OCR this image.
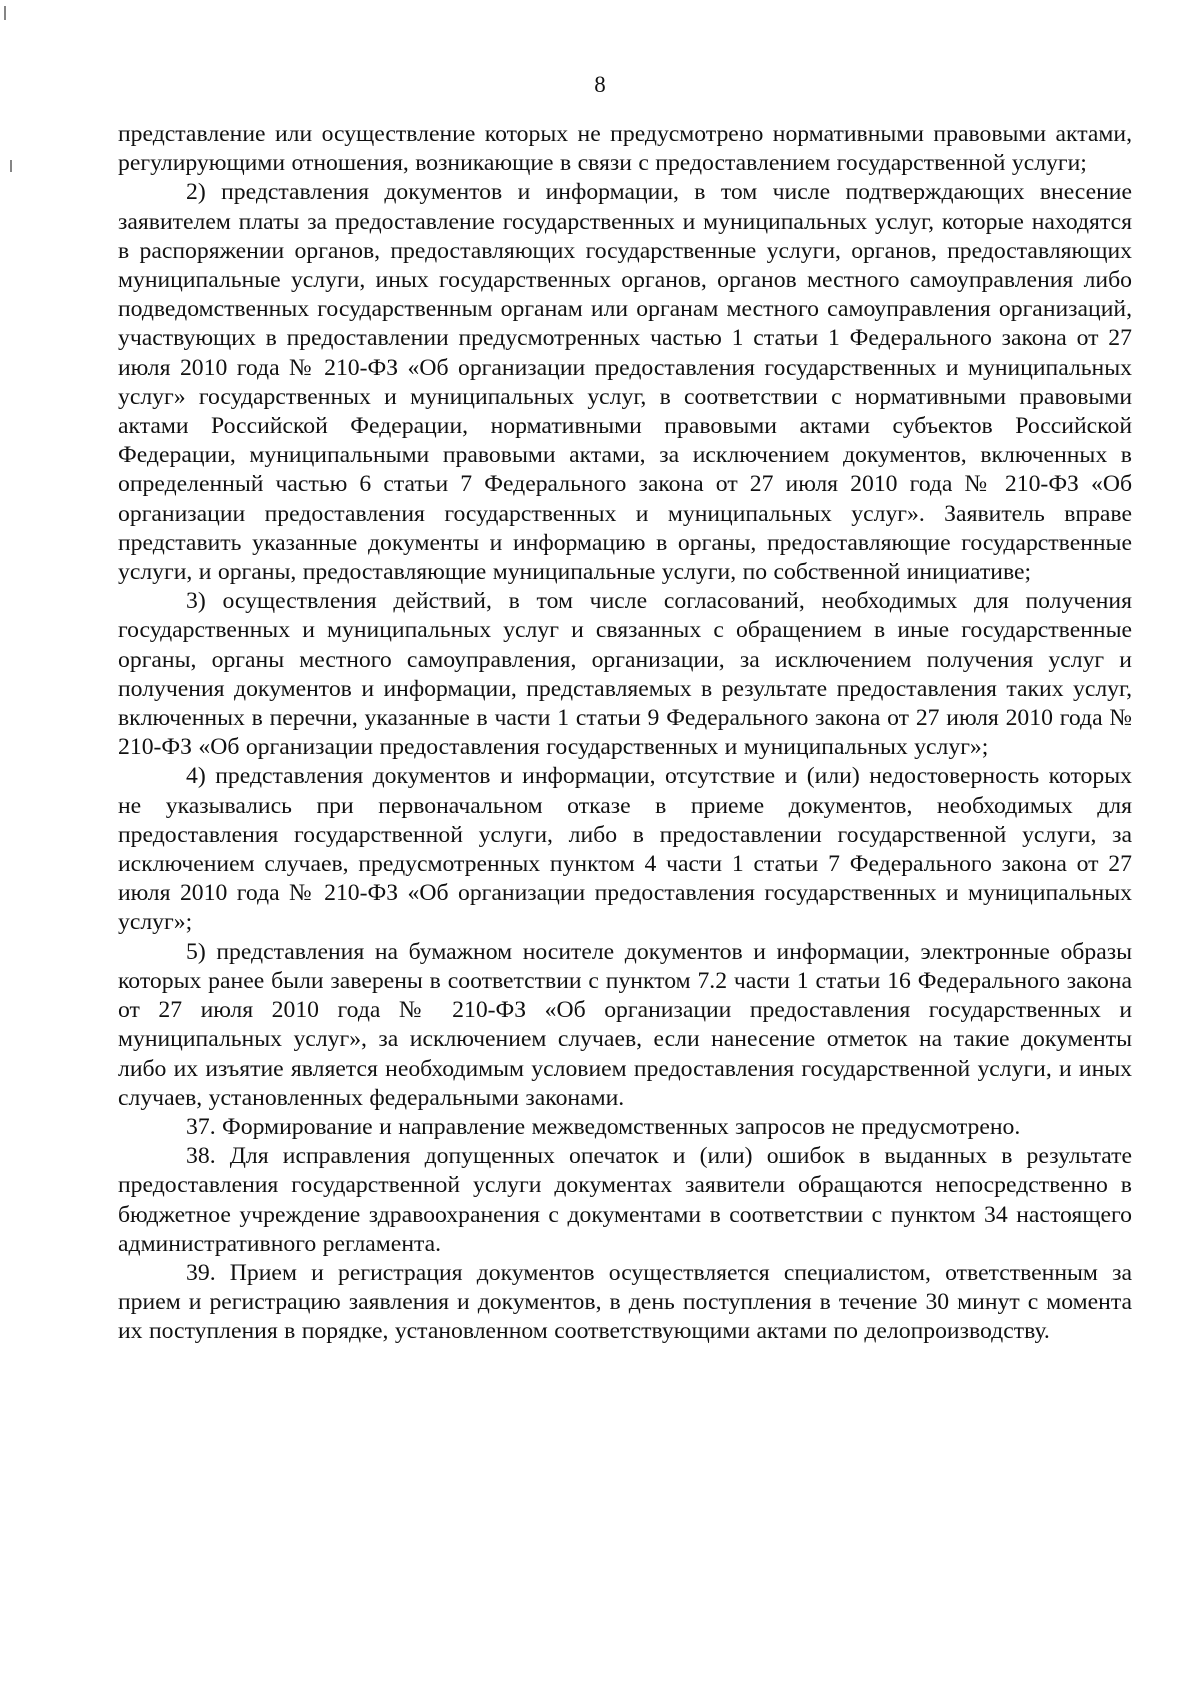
8

представление или осуществление которых не предусмотрено нормативными правовыми актами, регулирующими отношения, возникающие в связи с предоставлением государственной услуги;

2) представления документов и информации, в том числе подтверждающих внесение заявителем платы за предоставление государственных и муниципальных услуг, которые находятся в распоряжении органов, предоставляющих государственные услуги, органов, предоставляющих муниципальные услуги, иных государственных органов, органов местного самоуправления либо подведомственных государственным органам или органам местного самоуправления организаций, участвующих в предоставлении предусмотренных частью 1 статьи 1 Федерального закона от 27 июля 2010 года № 210-ФЗ «Об организации предоставления государственных и муниципальных услуг» государственных и муниципальных услуг, в соответствии с нормативными правовыми актами Российской Федерации, нормативными правовыми актами субъектов Российской Федерации, муниципальными правовыми актами, за исключением документов, включенных в определенный частью 6 статьи 7 Федерального закона от 27 июля 2010 года № 210-ФЗ «Об организации предоставления государственных и муниципальных услуг». Заявитель вправе представить указанные документы и информацию в органы, предоставляющие государственные услуги, и органы, предоставляющие муниципальные услуги, по собственной инициативе;

3) осуществления действий, в том числе согласований, необходимых для получения государственных и муниципальных услуг и связанных с обращением в иные государственные органы, органы местного самоуправления, организации, за исключением получения услуг и получения документов и информации, представляемых в результате предоставления таких услуг, включенных в перечни, указанные в части 1 статьи 9 Федерального закона от 27 июля 2010 года № 210-ФЗ «Об организации предоставления государственных и муниципальных услуг»;

4) представления документов и информации, отсутствие и (или) недостоверность которых не указывались при первоначальном отказе в приеме документов, необходимых для предоставления государственной услуги, либо в предоставлении государственной услуги, за исключением случаев, предусмотренных пунктом 4 части 1 статьи 7 Федерального закона от 27 июля 2010 года № 210-ФЗ «Об организации предоставления государственных и муниципальных услуг»;

5) представления на бумажном носителе документов и информации, электронные образы которых ранее были заверены в соответствии с пунктом 7.2 части 1 статьи 16 Федерального закона от 27 июля 2010 года № 210-ФЗ «Об организации предоставления государственных и муниципальных услуг», за исключением случаев, если нанесение отметок на такие документы либо их изъятие является необходимым условием предоставления государственной услуги, и иных случаев, установленных федеральными законами.

37. Формирование и направление межведомственных запросов не предусмотрено.

38. Для исправления допущенных опечаток и (или) ошибок в выданных в результате предоставления государственной услуги документах заявители обращаются непосредственно в бюджетное учреждение здравоохранения с документами в соответствии с пунктом 34 настоящего административного регламента.

39. Прием и регистрация документов осуществляется специалистом, ответственным за прием и регистрацию заявления и документов, в день поступления в течение 30 минут с момента их поступления в порядке, установленном соответствующими актами по делопроизводству.
